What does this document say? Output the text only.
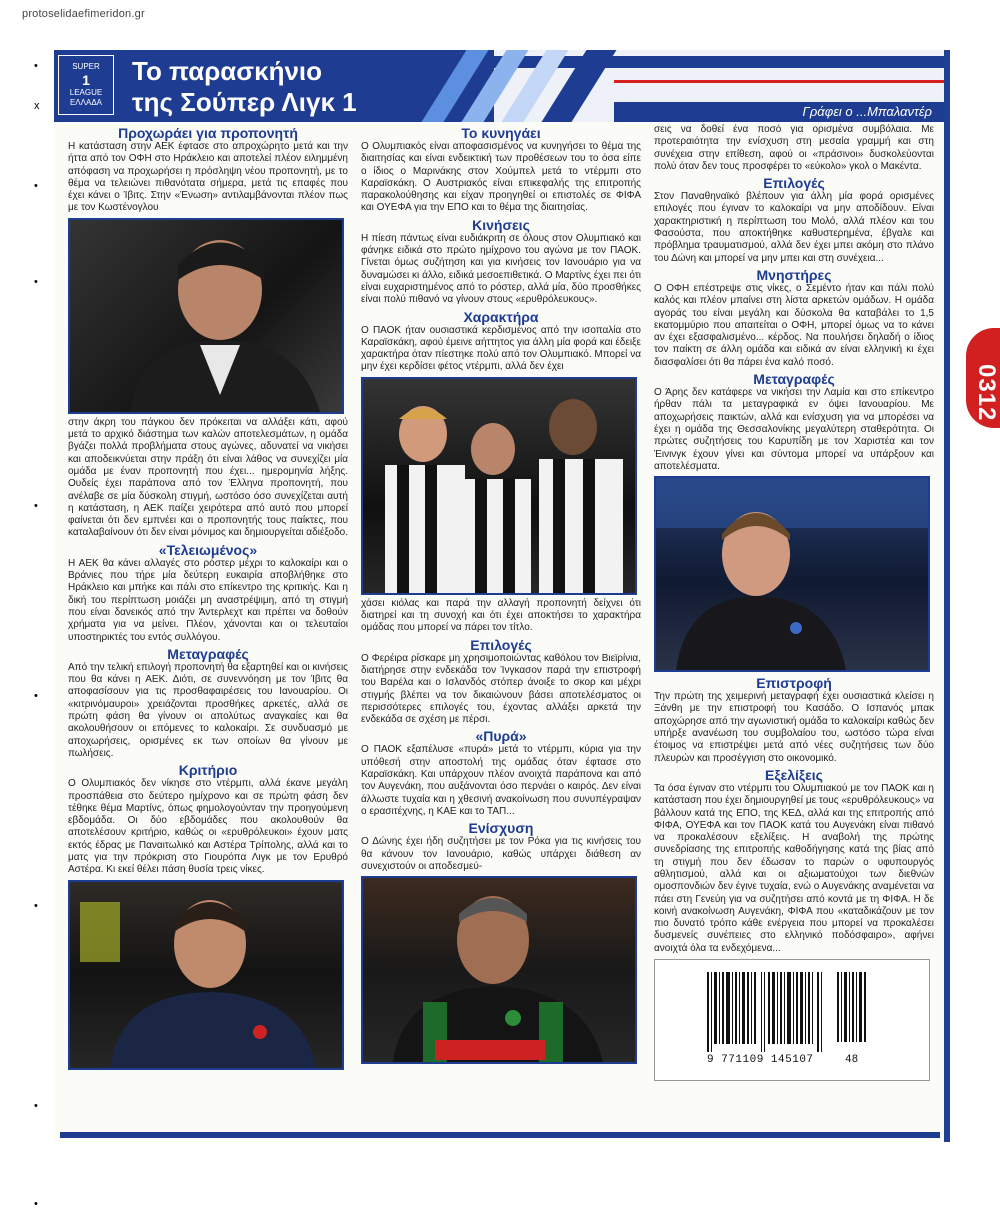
protoselidaefimeridon.gr
•
x
•
•
•
•
•
•
•
0312
Γράφει ο ...Μπαλαντέρ
SUPER
1
LEAGUE
ΕΛΛΑΔΑ
Το παρασκήνιο
της Σούπερ Λιγκ 1
Προχωράει για προπονητή

Η κατάσταση στην ΑΕΚ έφτασε στο απροχώρητο μετά και την ήττα από τον ΟΦΗ στο Ηράκλειο και αποτελεί πλέον ειλημμένη απόφαση να προχωρήσει η πρόσληψη νέου προπονητή, με το θέμα να τελειώνει πιθανότατα σήμερα, μετά τις επαφές που έχει κάνει ο Ίβιτς. Στην «Ένωση» αντιλαμβάνονται πλέον πως με τον Κωστένογλου

στην άκρη του πάγκου δεν πρόκειται να αλλάξει κάτι, αφού μετά το αρχικό διάστημα των καλών αποτελεσμάτων, η ομάδα βγάζει πολλά προβλήματα στους αγώνες, αδυνατεί να νικήσει και αποδεικνύεται στην πράξη ότι είναι λάθος να συνεχίζει μία ομάδα με έναν προπονητή που έχει... ημερομηνία λήξης. Ουδείς έχει παράπονα από τον Έλληνα προπονητή, που ανέλαβε σε μία δύσκολη στιγμή, ωστόσο όσο συνεχίζεται αυτή η κατάσταση, η ΑΕΚ παίζει χειρότερα από αυτό που μπορεί φαίνεται ότι δεν εμπνέει και ο προπονητής τους παίκτες, που καταλαβαίνουν ότι δεν είναι μόνιμος και δημιουργείται αδιέξοδο.

«Τελειωμένος»

Η ΑΕΚ θα κάνει αλλαγές στο ρόστερ μέχρι το καλοκαίρι και ο Βράνιες που τήρε μία δεύτερη ευκαιρία αποβλήθηκε στο Ηράκλειο και μπήκε και πάλι στο επίκεντρο της κριτικής. Και η δική του περίπτωση μοιάζει μη αναστρέψιμη, από τη στιγμή που είναι δανεικός από την Άντερλεχτ και πρέπει να δοθούν χρήματα για να μείνει. Πλέον, χάνονται και οι τελευταίοι υποστηρικτές του εντός συλλόγου.

Μεταγραφές

Από την τελική επιλογή προπονητή θα εξαρτηθεί και οι κινήσεις που θα κάνει η ΑΕΚ. Διότι, σε συνεννόηση με τον Ίβιτς θα αποφασίσουν για τις προσθαφαιρέσεις του Ιανουαρίου. Οι «κιτρινόμαυροι» χρειάζονται προσθήκες αρκετές, αλλά σε πρώτη φάση θα γίνουν οι απολύτως αναγκαίες και θα ακολουθήσουν οι επόμενες το καλοκαίρι. Σε συνδυασμό με αποχωρήσεις, ορισμένες εκ των οποίων θα γίνουν με πωλήσεις.

Κριτήριο

Ο Ολυμπιακός δεν νίκησε στο ντέρμπι, αλλά έκανε μεγάλη προσπάθεια στο δεύτερο ημίχρονο και σε πρώτη φάση δεν τέθηκε θέμα Μαρτίνς, όπως φημολογούνταν την προηγούμενη εβδομάδα. Οι δύο εβδομάδες που ακολουθούν θα αποτελέσουν κριτήριο, καθώς οι «ερυθρόλευκοι» έχουν ματς εκτός έδρας με Παναιτωλικό και Αστέρα Τρίπολης, αλλά και το ματς για την πρόκριση στο Γιουρόπα Λιγκ με τον Ερυθρό Αστέρα. Κι εκεί θέλει πάση θυσία τρεις νίκες.

Το κυνηγάει

Ο Ολυμπιακός είναι αποφασισμένος να κυνηγήσει το θέμα της διαιτησίας και είναι ενδεικτική των προθέσεων του το όσα είπε ο ίδιος ο Μαρινάκης στον Χούμπελ μετά το ντέρμπι στο Καραϊσκάκη. Ο Αυστριακός είναι επικεφαλής της επιτροπής παρακολούθησης και είχαν προηγηθεί οι επιστολές σε ΦΙΦΑ και ΟΥΕΦΑ για την ΕΠΟ και το θέμα της διαιτησίας.

Κινήσεις

Η πίεση πάντως είναι ευδιάκριτη σε όλους στον Ολυμπιακό και φάνηκε ειδικά στο πρώτο ημίχρονο του αγώνα με τον ΠΑΟΚ. Γίνεται όμως συζήτηση και για κινήσεις τον Ιανουάριο για να δυναμώσει κι άλλο, ειδικά μεσοεπιθετικά. Ο Μαρτίνς έχει πει ότι είναι ευχαριστημένος από το ρόστερ, αλλά μία, δύο προσθήκες είναι πολύ πιθανό να γίνουν στους «ερυθρόλευκους».

Χαρακτήρα

Ο ΠΑΟΚ ήταν ουσιαστικά κερδισμένος από την ισοπαλία στο Καραϊσκάκη, αφού έμεινε αήττητος για άλλη μία φορά και έδειξε χαρακτήρα όταν πίεστηκε πολύ από τον Ολυμπιακό. Μπορεί να μην έχει κερδίσει φέτος ντέρμπι, αλλά δεν έχει

χάσει κιόλας και παρά την αλλαγή προπονητή δείχνει ότι διατηρεί και τη συνοχή και ότι έχει αποκτήσει το χαρακτήρα ομάδας που μπορεί να πάρει τον τίτλο.

Επιλογές

Ο Φερέιρα ρίσκαρε μη χρησιμοποιώντας καθόλου τον Βιεϊρίνια, διατήρησε στην ενδεκάδα τον Ίνγκασον παρά την επιστροφή του Βαρέλα και ο Ισλανδός στόπερ άνοιξε το σκορ και μέχρι στιγμής βλέπει να τον δικαιώνουν βάσει αποτελέσματος οι περισσότερες επιλογές του, έχοντας αλλάξει αρκετά την ενδεκάδα σε σχέση με πέρσι.

«Πυρά»

Ο ΠΑΟΚ εξαπέλυσε «πυρά» μετά το ντέρμπι, κύρια για την υπόθεσή στην αποστολή της ομάδας όταν έφτασε στο Καραϊσκάκη. Και υπάρχουν πλέον ανοιχτά παράπονα και από τον Αυγενάκη, που αυξάνονται όσο περνάει ο καιρός. Δεν είναι άλλωστε τυχαία και η χθεσινή ανακοίνωση που συνυπέγραψαν ο ερασιτέχνης, η ΚΑΕ και το ΤΑΠ...

Ενίσχυση

Ο Δώνης έχει ήδη συζητήσει με τον Ρόκα για τις κινήσεις του θα κάνουν τον Ιανουάριο, καθώς υπάρχει διάθεση αν συνεχιστούν οι αποδεσμεύ-

σεις να δοθεί ένα ποσό για ορισμένα συμβόλαια. Με προτεραιότητα την ενίσχυση στη μεσαία γραμμή και στη συνέχεια στην επίθεση, αφού οι «πράσινοι» δυσκολεύονται πολύ όταν δεν τους προσφέρει το «εύκολο» γκολ ο Μακέντα.

Επιλογές

Στον Παναθηναϊκό βλέπουν για άλλη μία φορά ορισμένες επιλογές που έγιναν το καλοκαίρι να μην αποδίδουν. Είναι χαρακτηριστική η περίπτωση του Μολό, αλλά πλέον και του Φασούστα, που αποκτήθηκε καθυστερημένα, έβγαλε και πρόβλημα τραυματισμού, αλλά δεν έχει μπει ακόμη στο πλάνο του Δώνη και μπορεί να μην μπει και στη συνέχεια...

Μνηστήρες

Ο ΟΦΗ επέστρεψε στις νίκες, ο Σεμέντο ήταν και πάλι πολύ καλός και πλέον μπαίνει στη λίστα αρκετών ομάδων. Η ομάδα αγοράς του είναι μεγάλη και δύσκολα θα καταβάλει το 1,5 εκατομμύριο που απαιτείται ο ΟΦΗ, μπορεί όμως να το κάνει αν έχει εξασφαλισμένο... κέρδος. Να πουλήσει δηλαδή ο ίδιος τον παίκτη σε άλλη ομάδα και ειδικά αν είναι ελληνική κι έχει διασφαλίσει ότι θα πάρει ένα καλό ποσό.

Μεταγραφές

Ο Άρης δεν κατάφερε να νικήσει την Λαμία και στο επίκεντρο ήρθαν πάλι τα μεταγραφικά εν όψει Ιανουαρίου. Με αποχωρήσεις παικτών, αλλά και ενίσχυση για να μπορέσει να έχει η ομάδα της Θεσσαλονίκης μεγαλύτερη σταθερότητα. Οι πρώτες συζητήσεις του Καρυπίδη με τον Χαριστέα και τον Έινινγκ έχουν γίνει και σύντομα μπορεί να υπάρξουν και αποτελέσματα.

Επιστροφή

Την πρώτη της χειμερινή μεταγραφή έχει ουσιαστικά κλείσει η Ξάνθη με την επιστροφή του Κασάδο. Ο Ισπανός μπακ αποχώρησε από την αγωνιστική ομάδα το καλοκαίρι καθώς δεν υπήρξε ανανέωση του συμβολαίου του, ωστόσο τώρα είναι έτοιμος να επιστρέψει μετά από νέες συζητήσεις των δύο πλευρών και προσέγγιση στο οικονομικό.

Εξελίξεις

Τα όσα έγιναν στο ντέρμπι του Ολυμπιακού με τον ΠΑΟΚ και η κατάσταση που έχει δημιουργηθεί με τους «ερυθρόλευκους» να βάλλουν κατά της ΕΠΟ, της ΚΕΔ, αλλά και της επιτροπής από ΦΙΦΑ, ΟΥΕΦΑ και τον ΠΑΟΚ κατά του Αυγενάκη είναι πιθανό να προκαλέσουν εξελίξεις. Η αναβολή της πρώτης συνεδρίασης της επιτροπής καθοδήγησης κατά της βίας από τη στιγμή που δεν έδωσαν το παρών ο υφυπουργός αθλητισμού, αλλά και οι αξιωματούχοι των διεθνών ομοσπονδιών δεν έγινε τυχαία, ενώ ο Αυγενάκης αναμένεται να πάει στη Γενεύη για να συζητήσει από κοντά με τη ΦΙΦΑ. Η δε κοινή ανακοίνωση Αυγενάκη, ΦΙΦΑ που «καταδικάζουν με τον πιο δυνατό τρόπο κάθε ενέργεια που μπορεί να προκαλέσει δυσμενείς συνέπειες στο ελληνικό ποδόσφαιρο», αφήνει ανοιχτά όλα τα ενδεχόμενα...

9 771109 145107	48
